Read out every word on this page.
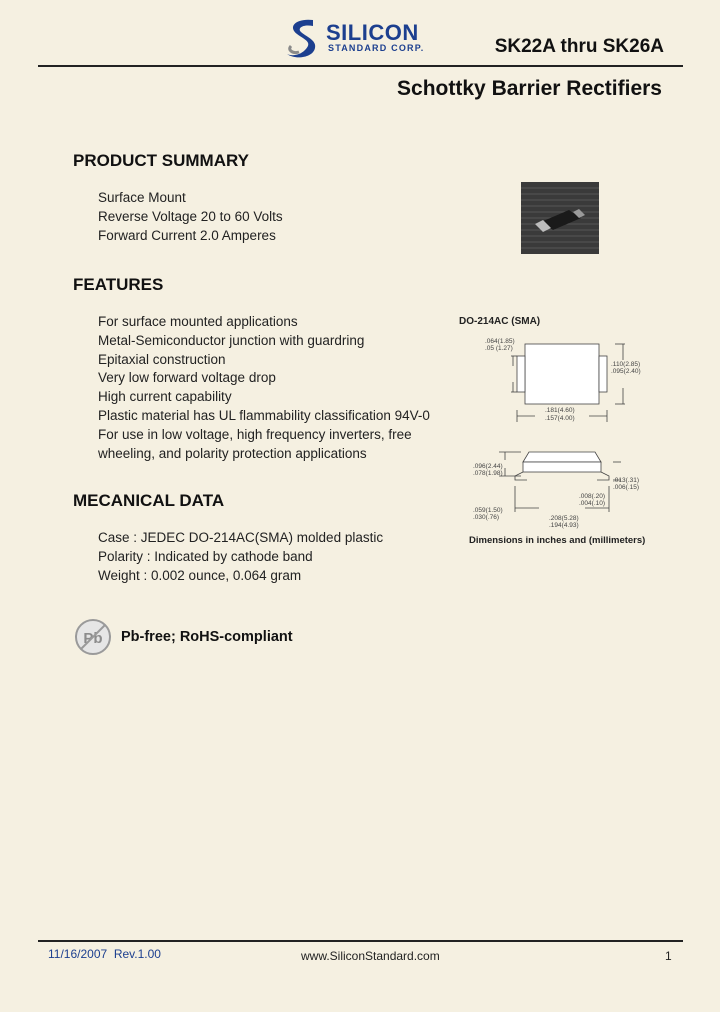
SILICON
STANDARD CORP.	SK22A thru SK26A
Schottky Barrier Rectifiers
PRODUCT SUMMARY
Surface Mount
Reverse Voltage 20 to 60 Volts
Forward Current 2.0 Amperes
FEATURES
For surface mounted applications
Metal-Semiconductor junction with guardring
Epitaxial construction
Very low forward voltage drop
High current capability
Plastic material has UL flammability classification 94V-0
For use in low voltage, high frequency inverters, free
wheeling, and polarity protection applications
DO-214AC (SMA)
.064(1.85)
.05 (1.27)
.110(2.85)
.095(2.40)
.181(4.60)
.157(4.00)
.096(2.44)
.078(1.98)
.013(.31)
.006(.15)
.008(.20)
.004(.10)
.059(1.50)
.030(.76)	.208(5.28)
.194(4.93)
Dimensions in inches and (millimeters)
MECANICAL DATA
Case : JEDEC DO-214AC(SMA) molded plastic
Polarity : Indicated by cathode band
Weight : 0.002 ounce, 0.064 gram
Pb Pb-free; RoHS-compliant
11/16/2007  Rev.1.00	www.SiliconStandard.com	1
